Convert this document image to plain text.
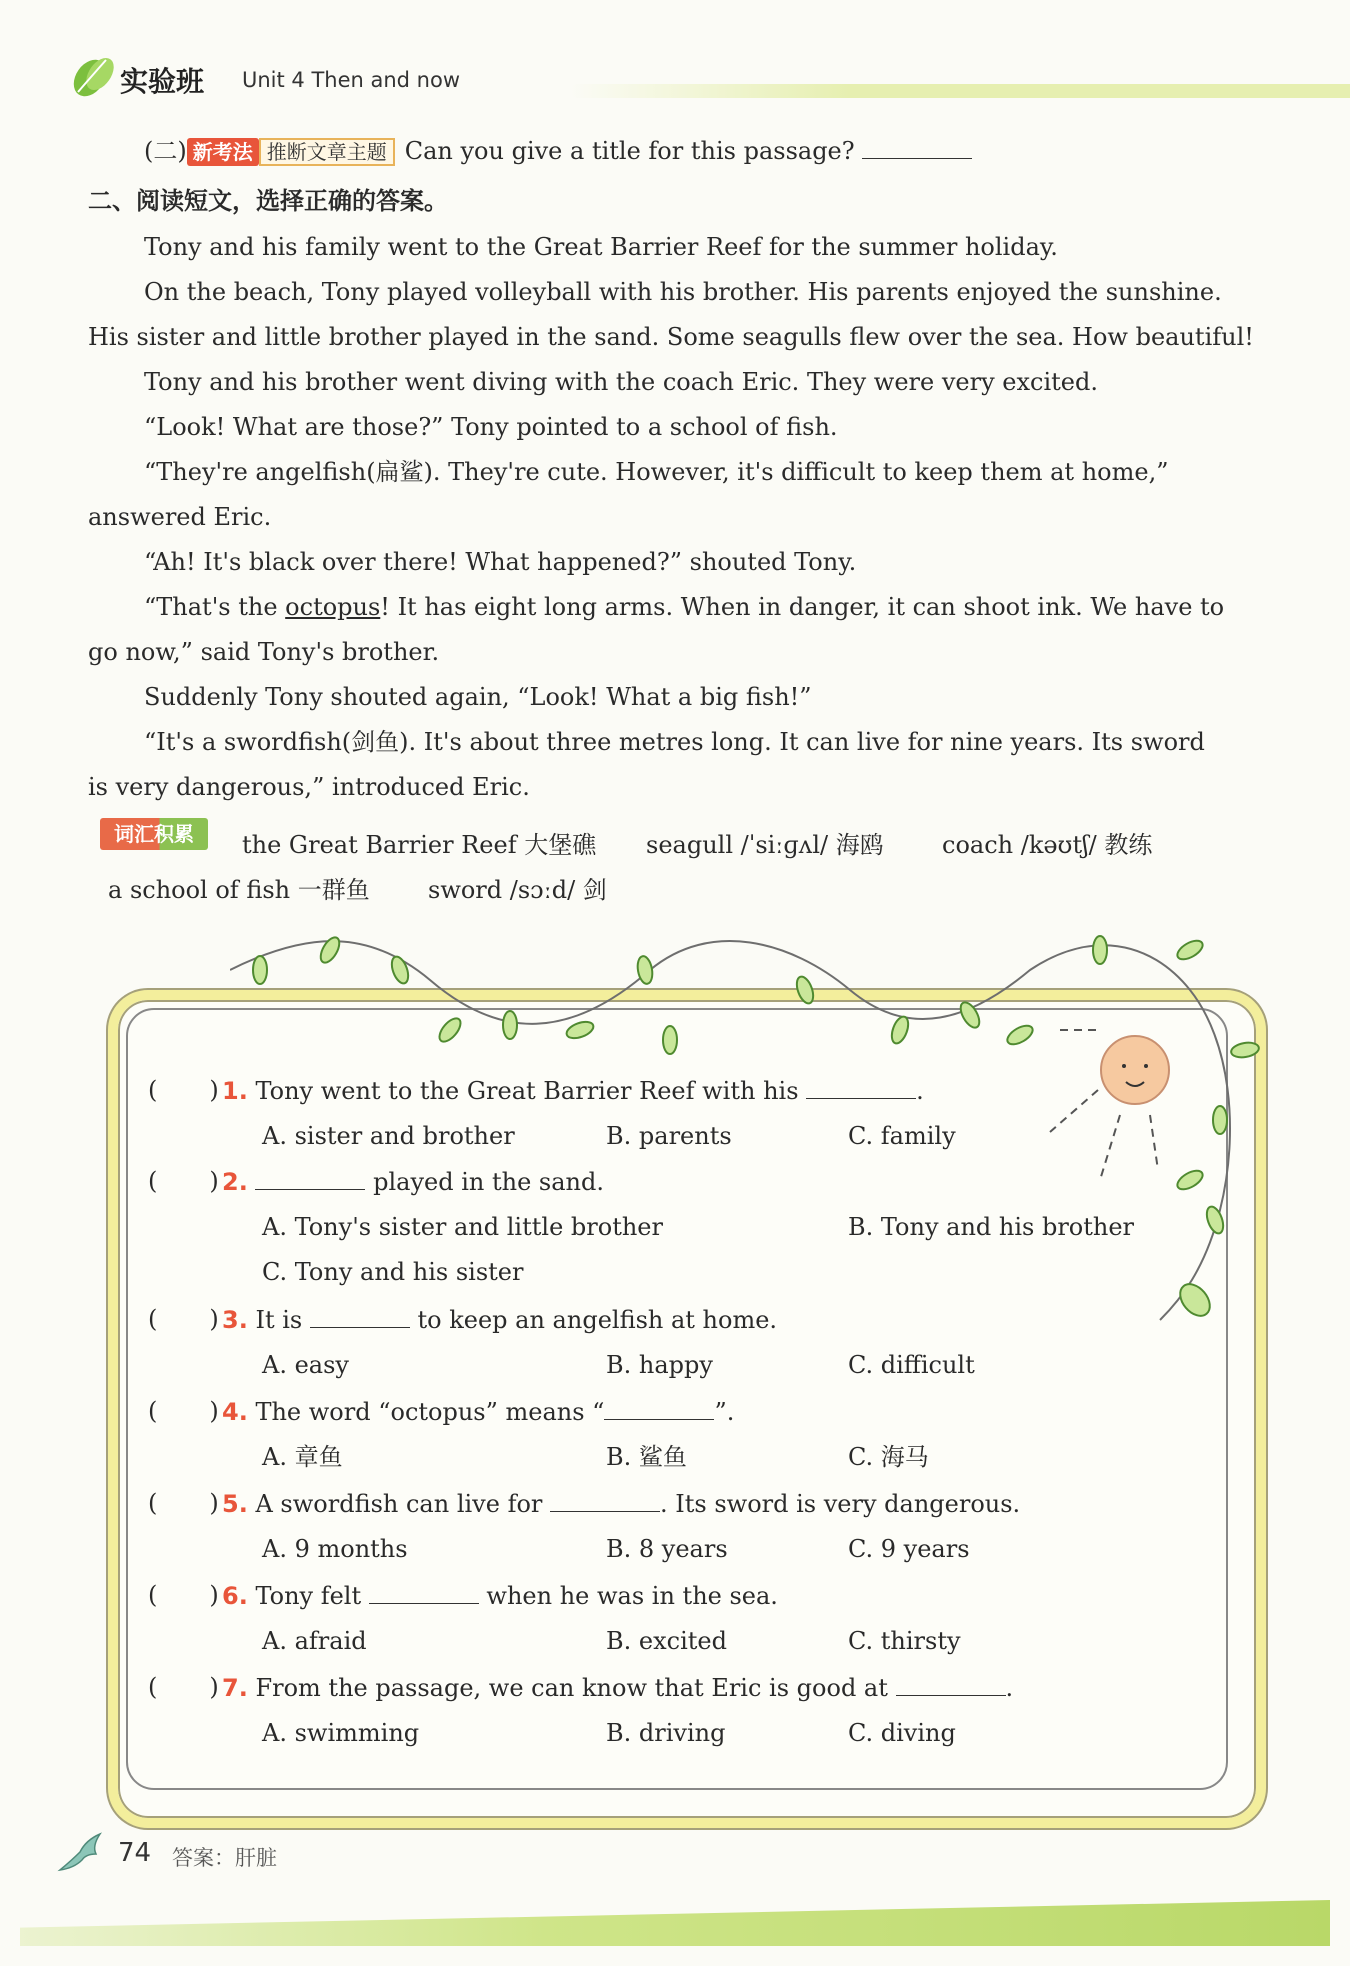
实验班 Unit 4 Then and now
(二) 新考法 推断文章主题 Can you give a title for this passage?
二、阅读短文，选择正确的答案。
Tony and his family went to the Great Barrier Reef for the summer holiday.
On the beach, Tony played volleyball with his brother. His parents enjoyed the sunshine.
His sister and little brother played in the sand. Some seagulls flew over the sea. How beautiful!
Tony and his brother went diving with the coach Eric. They were very excited.
“Look! What are those?” Tony pointed to a school of fish.
“They're angelfish(扁鲨). They're cute. However, it's difficult to keep them at home,”
answered Eric.
“Ah! It's black over there! What happened?” shouted Tony.
“That's the octopus! It has eight long arms. When in danger, it can shoot ink. We have to
go now,” said Tony's brother.
Suddenly Tony shouted again, “Look! What a big fish!”
“It's a swordfish(剑鱼). It's about three metres long. It can live for nine years. Its sword
is very dangerous,” introduced Eric.
词汇积累	the Great Barrier Reef 大堡礁 seagull /ˈsiːɡʌl/ 海鸥 coach /kəʊtʃ/ 教练
a school of fish 一群鱼 sword /sɔːd/ 剑
( ) 1. Tony went to the Great Barrier Reef with his	.
A. sister and brother	B. parents	C. family
( ) 2.	played in the sand.
A. Tony's sister and little brother	B. Tony and his brother
C. Tony and his sister
( ) 3. It is	to keep an angelfish at home.
A. easy	B. happy	C. difficult
( ) 4. The word “octopus” means “	”.
A. 章鱼	B. 鲨鱼	C. 海马
( ) 5. A swordfish can live for	. Its sword is very dangerous.
A. 9 months	B. 8 years	C. 9 years
( ) 6. Tony felt	when he was in the sea.
A. afraid	B. excited	C. thirsty
( ) 7. From the passage, we can know that Eric is good at	.
A. swimming	B. driving	C. diving
74 答案：肝脏
